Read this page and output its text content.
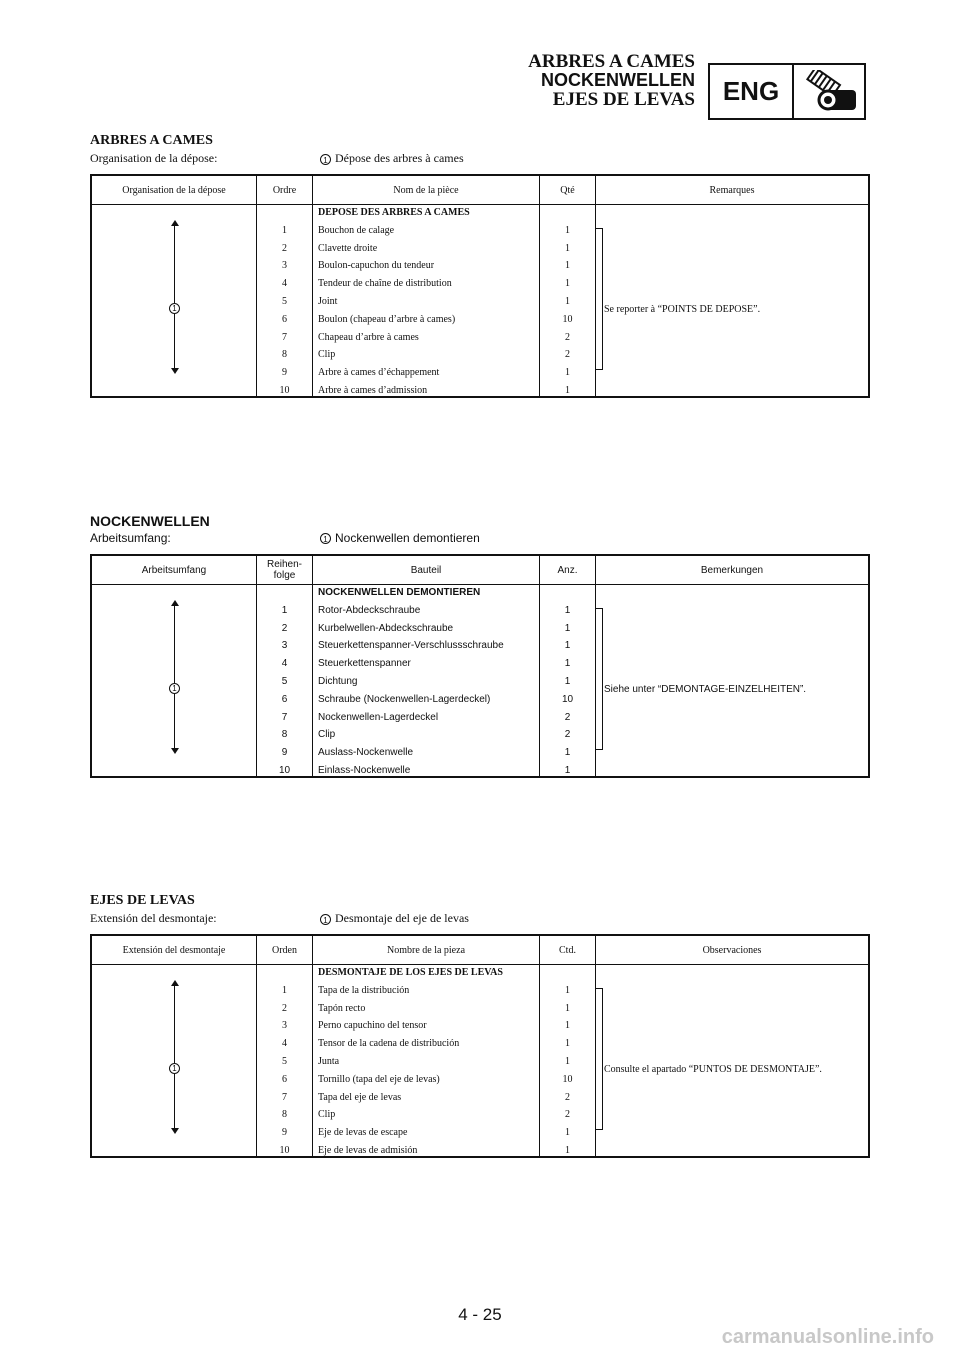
ARBRES A CAMES
NOCKENWELLEN
EJES DE LEVAS	ENG
ARBRES A CAMES
Organisation de la dépose:	1 Dépose des arbres à cames
Organisation de la dépose	Ordre	Nom de la pièce	Qté	Remarques
DEPOSE DES ARBRES A CAMES
1	Bouchon de calage	1
2	Clavette droite	1
3	Boulon-capuchon du tendeur	1
4	Tendeur de chaîne de distribution	1
5	Joint	1
6	Boulon (chapeau d’arbre à cames)	10
7	Chapeau d’arbre à cames	2
8	Clip	2
9	Arbre à cames d’échappement	1
10	Arbre à cames d’admission	1
Se reporter à “POINTS DE DEPOSE”.
1
NOCKENWELLEN
Arbeitsumfang:	1 Nockenwellen demontieren
Arbeitsumfang	Reihen- folge	Bauteil	Anz.	Bemerkungen
NOCKENWELLEN DEMONTIEREN
1	Rotor-Abdeckschraube	1
2	Kurbelwellen-Abdeckschraube	1
3	Steuerkettenspanner-Verschlussschraube	1
4	Steuerkettenspanner	1
5	Dichtung	1
6	Schraube (Nockenwellen-Lagerdeckel)	10
7	Nockenwellen-Lagerdeckel	2
8	Clip	2
9	Auslass-Nockenwelle	1
10	Einlass-Nockenwelle	1
Siehe unter “DEMONTAGE-EINZELHEITEN”.
1
EJES DE LEVAS
Extensión del desmontaje:	1 Desmontaje del eje de levas
Extensión del desmontaje	Orden	Nombre de la pieza	Ctd.	Observaciones
DESMONTAJE DE LOS EJES DE LEVAS
1	Tapa de la distribución	1
2	Tapón recto	1
3	Perno capuchino del tensor	1
4	Tensor de la cadena de distribución	1
5	Junta	1
6	Tornillo (tapa del eje de levas)	10
7	Tapa del eje de levas	2
8	Clip	2
9	Eje de levas de escape	1
10	Eje de levas de admisión	1
Consulte el apartado “PUNTOS DE DESMONTAJE”.
1
4 - 25
carmanualsonline.info
